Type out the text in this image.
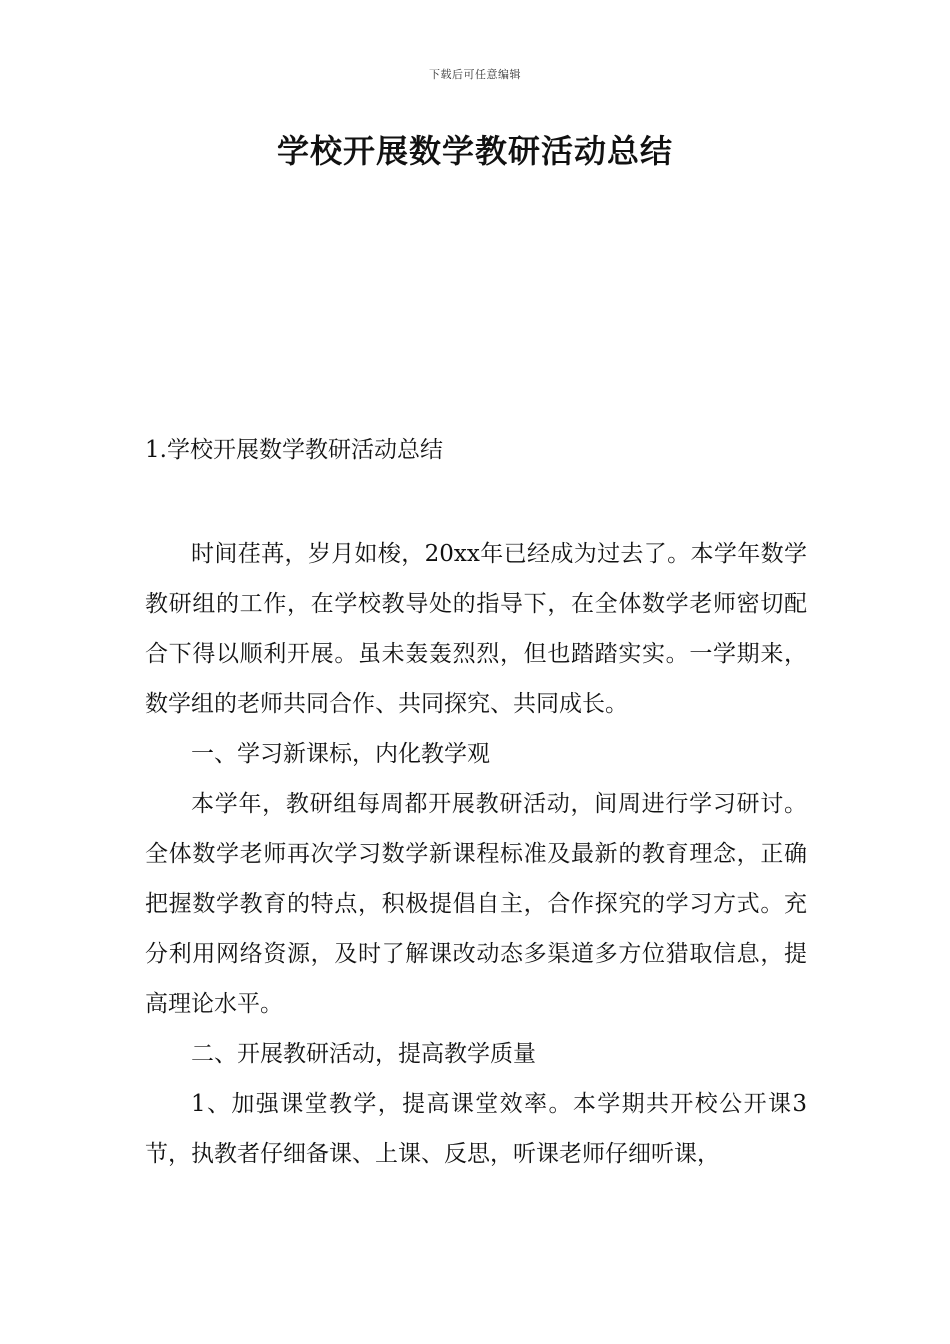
下载后可任意编辑
学校开展数学教研活动总结
1.学校开展数学教研活动总结

时间荏苒，岁月如梭，20xx年已经成为过去了。本学年数学教研组的工作，在学校教导处的指导下，在全体数学老师密切配合下得以顺利开展。虽未轰轰烈烈，但也踏踏实实。一学期来，数学组的老师共同合作、共同探究、共同成长。

一、学习新课标，内化教学观

本学年，教研组每周都开展教研活动，间周进行学习研讨。全体数学老师再次学习数学新课程标准及最新的教育理念，正确把握数学教育的特点，积极提倡自主，合作探究的学习方式。充分利用网络资源，及时了解课改动态多渠道多方位猎取信息，提高理论水平。

二、开展教研活动，提高教学质量

1、加强课堂教学，提高课堂效率。本学期共开校公开课3节，执教者仔细备课、上课、反思，听课老师仔细听课，
